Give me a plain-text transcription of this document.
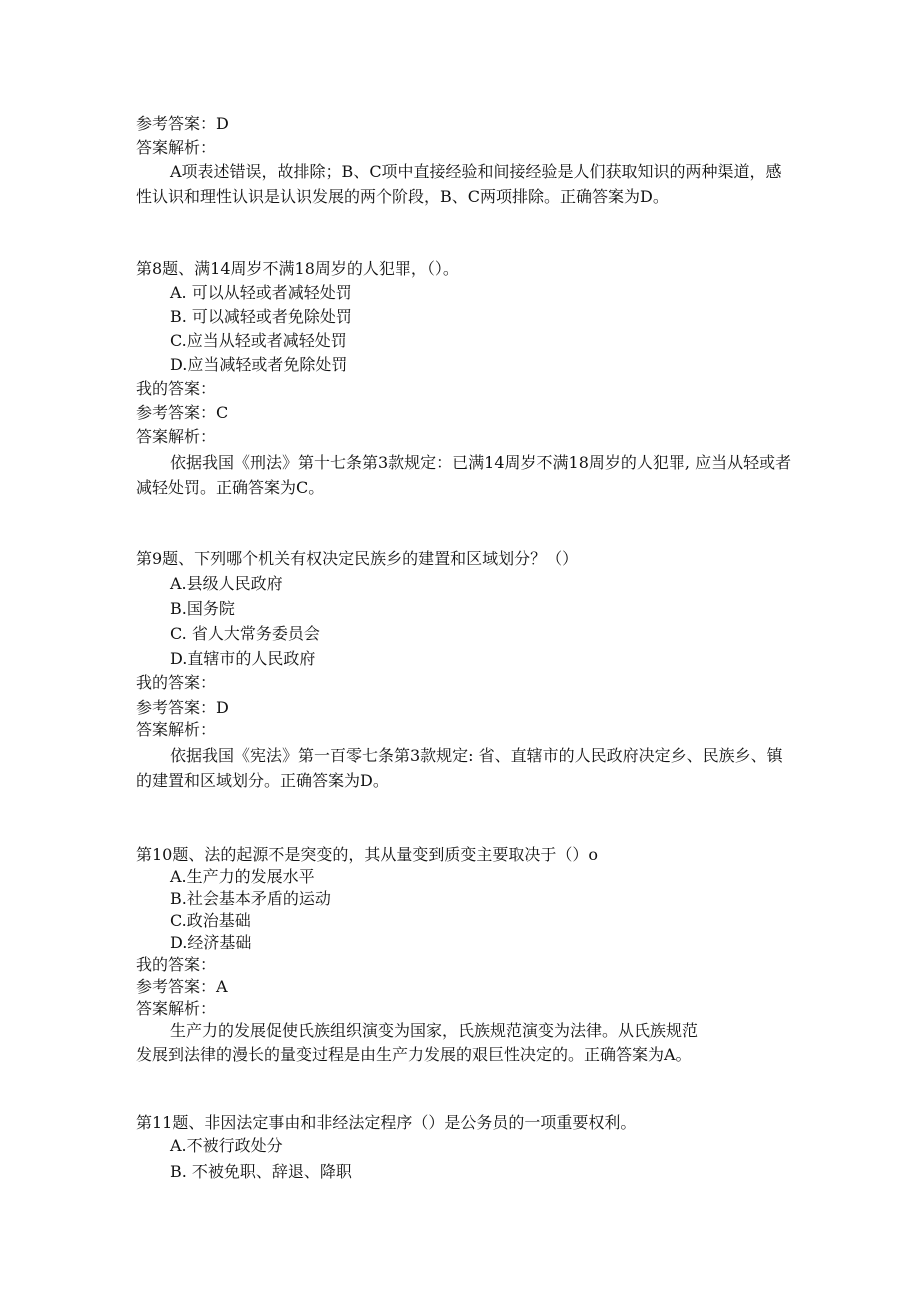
参考答案：D
答案解析：
A项表述错误，故排除；B、C项中直接经验和间接经验是人们获取知识的两种渠道，感性认识和理性认识是认识发展的两个阶段，B、C两项排除。正确答案为D。
第8题、满14周岁不满18周岁的人犯罪，（）。
A. 可以从轻或者减轻处罚
B. 可以减轻或者免除处罚
C.应当从轻或者减轻处罚
D.应当减轻或者免除处罚
我的答案：
参考答案：C
答案解析：
依据我国《刑法》第十七条第3款规定：已满14周岁不满18周岁的人犯罪, 应当从轻或者减轻处罚。正确答案为C。
第9题、下列哪个机关有权决定民族乡的建置和区域划分？（）
A.县级人民政府
B.国务院
C. 省人大常务委员会
D.直辖市的人民政府
我的答案：
参考答案：D
答案解析：
依据我国《宪法》第一百零七条第3款规定: 省、直辖市的人民政府决定乡、民族乡、镇的建置和区域划分。正确答案为D。
第10题、法的起源不是突变的，其从量变到质变主要取决于（）o
A.生产力的发展水平
B.社会基本矛盾的运动
C.政治基础
D.经济基础
我的答案：
参考答案：A
答案解析：
生产力的发展促使氏族组织演变为国家，氏族规范演变为法律。从氏族规范
发展到法律的漫长的量变过程是由生产力发展的艰巨性决定的。正确答案为A。
第11题、非因法定事由和非经法定程序（）是公务员的一项重要权利。
A.不被行政处分
B. 不被免职、辞退、降职
